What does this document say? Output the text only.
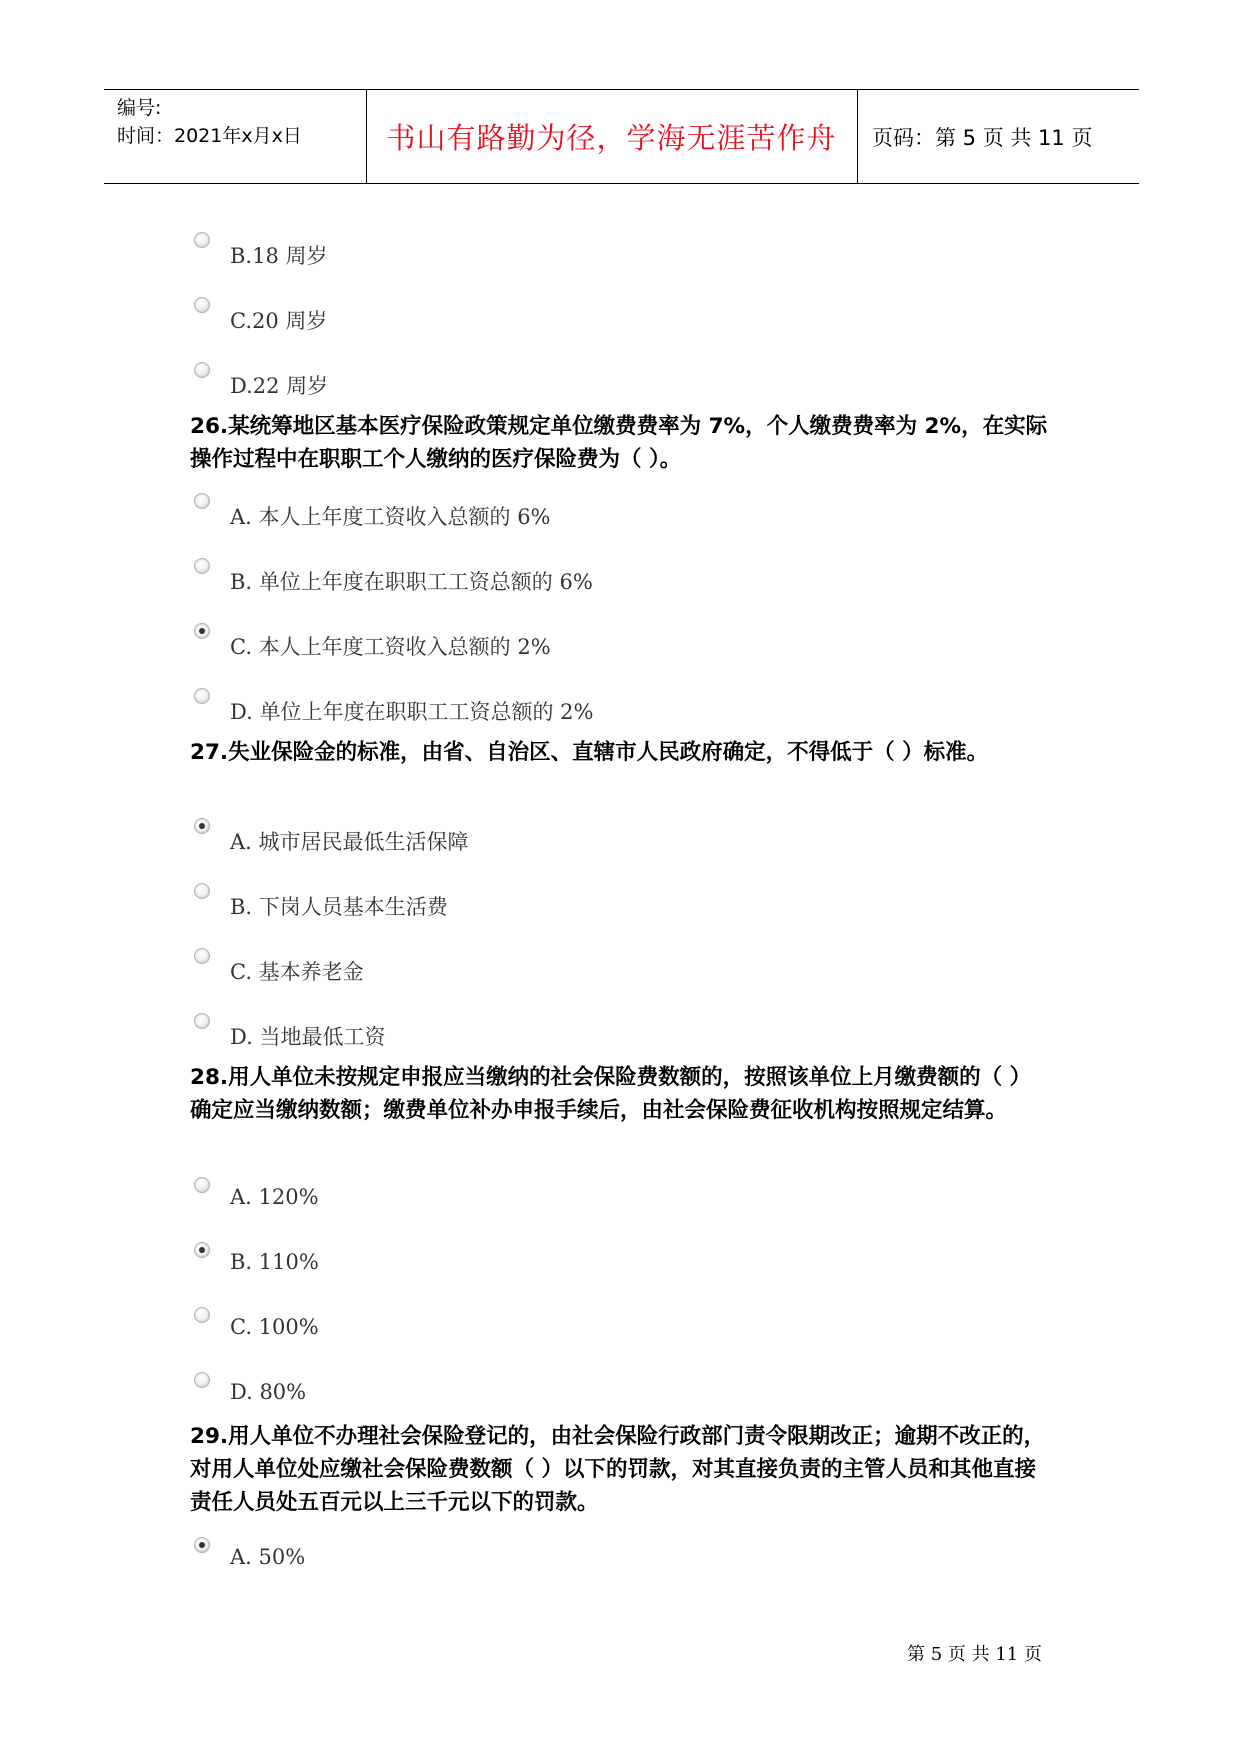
编号:
时间：2021年x月x日	书山有路勤为径，学海无涯苦作舟	页码：第 5 页 共 11 页
B.18 周岁
C.20 周岁
D.22 周岁
26.某统筹地区基本医疗保险政策规定单位缴费费率为 7%，个人缴费费率为 2%，在实际操作过程中在职职工个人缴纳的医疗保险费为（ ）。
A. 本人上年度工资收入总额的 6%
B. 单位上年度在职职工工资总额的 6%
C. 本人上年度工资收入总额的 2%
D. 单位上年度在职职工工资总额的 2%
27.失业保险金的标准，由省、自治区、直辖市人民政府确定，不得低于（ ）标准。
A. 城市居民最低生活保障
B. 下岗人员基本生活费
C. 基本养老金
D. 当地最低工资
28.用人单位未按规定申报应当缴纳的社会保险费数额的，按照该单位上月缴费额的（ ）确定应当缴纳数额；缴费单位补办申报手续后，由社会保险费征收机构按照规定结算。
A. 120%
B. 110%
C. 100%
D. 80%
29.用人单位不办理社会保险登记的，由社会保险行政部门责令限期改正；逾期不改正的，对用人单位处应缴社会保险费数额（ ）以下的罚款，对其直接负责的主管人员和其他直接责任人员处五百元以上三千元以下的罚款。
A. 50%
第 5 页 共 11 页
